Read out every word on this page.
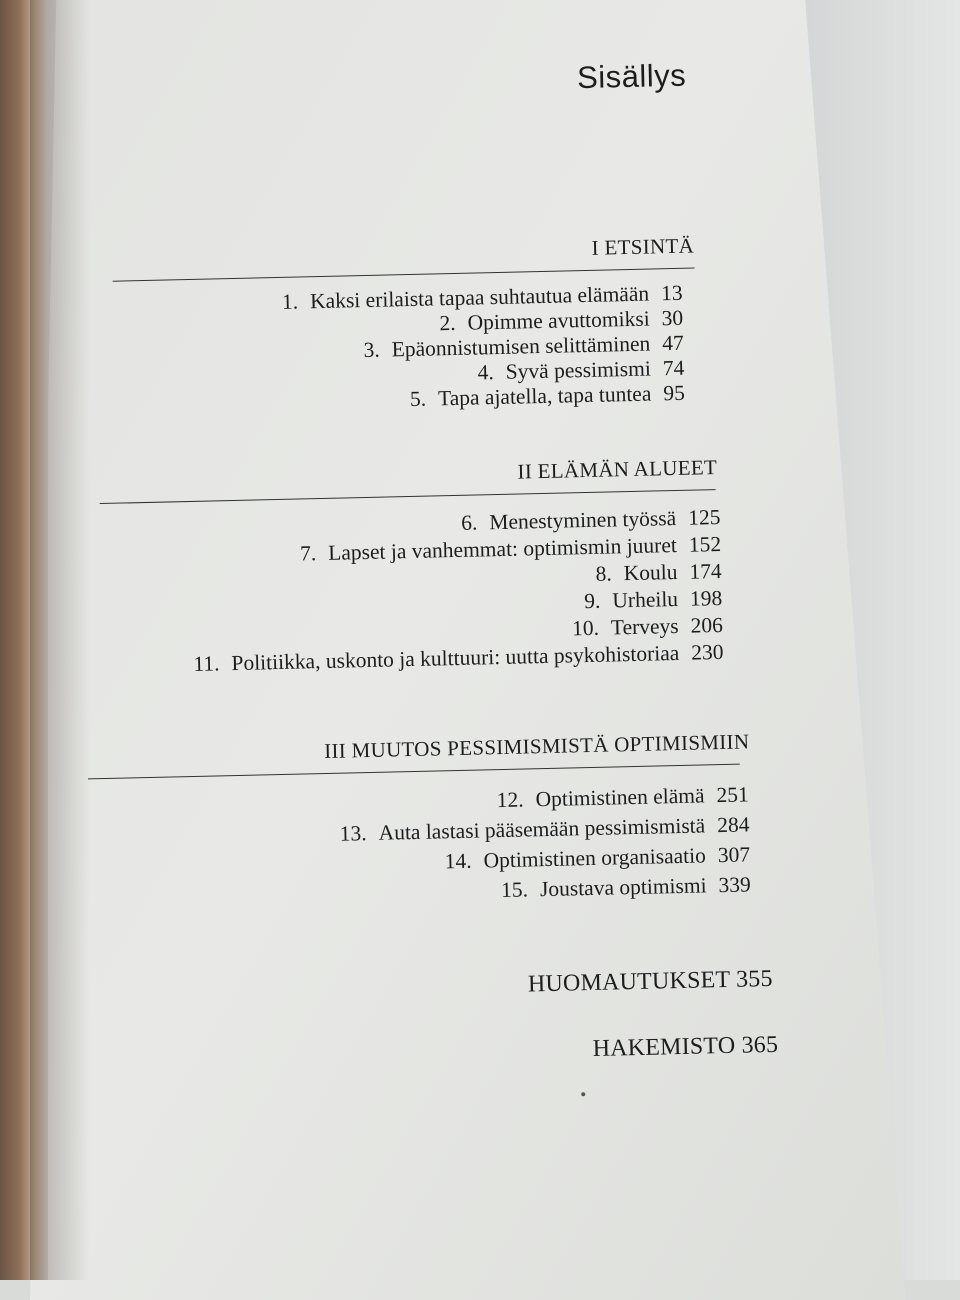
Sisällys
I ETSINTÄ
1. Kaksi erilaista tapaa suhtautua elämään 13
2. Opimme avuttomiksi 30
3. Epäonnistumisen selittäminen 47
4. Syvä pessimismi 74
5. Tapa ajatella, tapa tuntea 95
II ELÄMÄN ALUEET
6. Menestyminen työssä 125
7. Lapset ja vanhemmat: optimismin juuret 152
8. Koulu 174
9. Urheilu 198
10. Terveys 206
11. Politiikka, uskonto ja kulttuuri: uutta psykohistoriaa 230
III MUUTOS PESSIMISMISTÄ OPTIMISMIIN
12. Optimistinen elämä 251
13. Auta lastasi pääsemään pessimismistä 284
14. Optimistinen organisaatio 307
15. Joustava optimismi 339
HUOMAUTUKSET 355
HAKEMISTO 365
